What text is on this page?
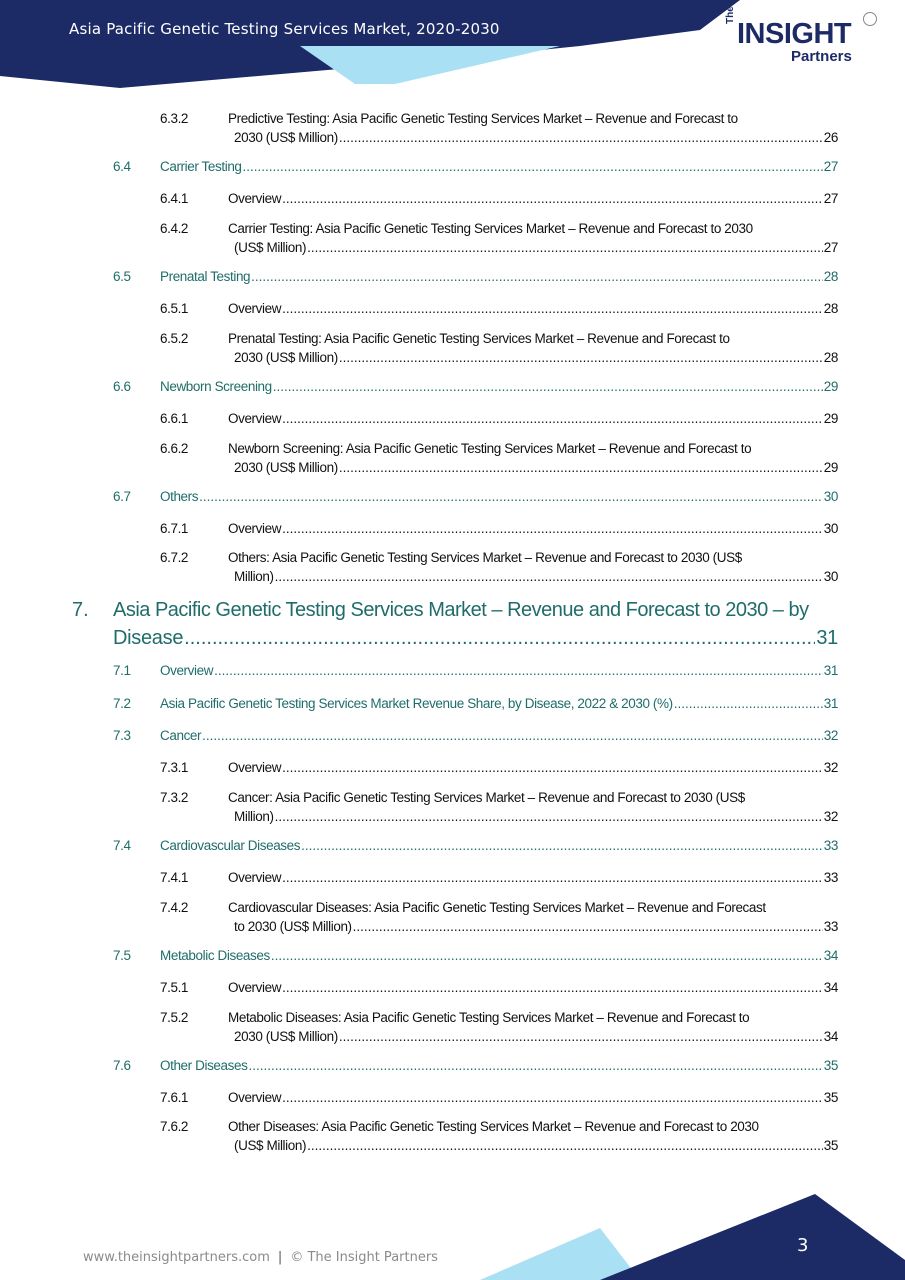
Asia Pacific Genetic Testing Services Market, 2020-2030
The
INSIGHT
Partners
6.3.2	Predictive Testing: Asia Pacific Genetic Testing Services Market – Revenue and Forecast to
2030 (US$ Million) .....	26
6.4 Carrier Testing .....	27
6.4.1	Overview .....	27
6.4.2	Carrier Testing: Asia Pacific Genetic Testing Services Market – Revenue and Forecast to 2030
(US$ Million) .....	27
6.5 Prenatal Testing .....	28
6.5.1	Overview .....	28
6.5.2	Prenatal Testing: Asia Pacific Genetic Testing Services Market – Revenue and Forecast to
2030 (US$ Million) .....	28
6.6 Newborn Screening .....	29
6.6.1	Overview .....	29
6.6.2	Newborn Screening: Asia Pacific Genetic Testing Services Market – Revenue and Forecast to
2030 (US$ Million) .....	29
6.7 Others .....	30
6.7.1	Overview .....	30
6.7.2	Others: Asia Pacific Genetic Testing Services Market – Revenue and Forecast to 2030 (US$
Million) .....	30
7. Asia Pacific Genetic Testing Services Market – Revenue and Forecast to 2030 – by
Disease .....	31
7.1 Overview .....	31
7.2 Asia Pacific Genetic Testing Services Market Revenue Share, by Disease, 2022 & 2030 (%) .....	31
7.3 Cancer .....	32
7.3.1	Overview .....	32
7.3.2	Cancer: Asia Pacific Genetic Testing Services Market – Revenue and Forecast to 2030 (US$
Million) .....	32
7.4 Cardiovascular Diseases .....	33
7.4.1	Overview .....	33
7.4.2	Cardiovascular Diseases: Asia Pacific Genetic Testing Services Market – Revenue and Forecast
to 2030 (US$ Million) .....	33
7.5 Metabolic Diseases .....	34
7.5.1	Overview .....	34
7.5.2	Metabolic Diseases: Asia Pacific Genetic Testing Services Market – Revenue and Forecast to
2030 (US$ Million) .....	34
7.6 Other Diseases .....	35
7.6.1	Overview .....	35
7.6.2	Other Diseases: Asia Pacific Genetic Testing Services Market – Revenue and Forecast to 2030
(US$ Million) .....	35
www.theinsightpartners.com | © The Insight Partners
3
